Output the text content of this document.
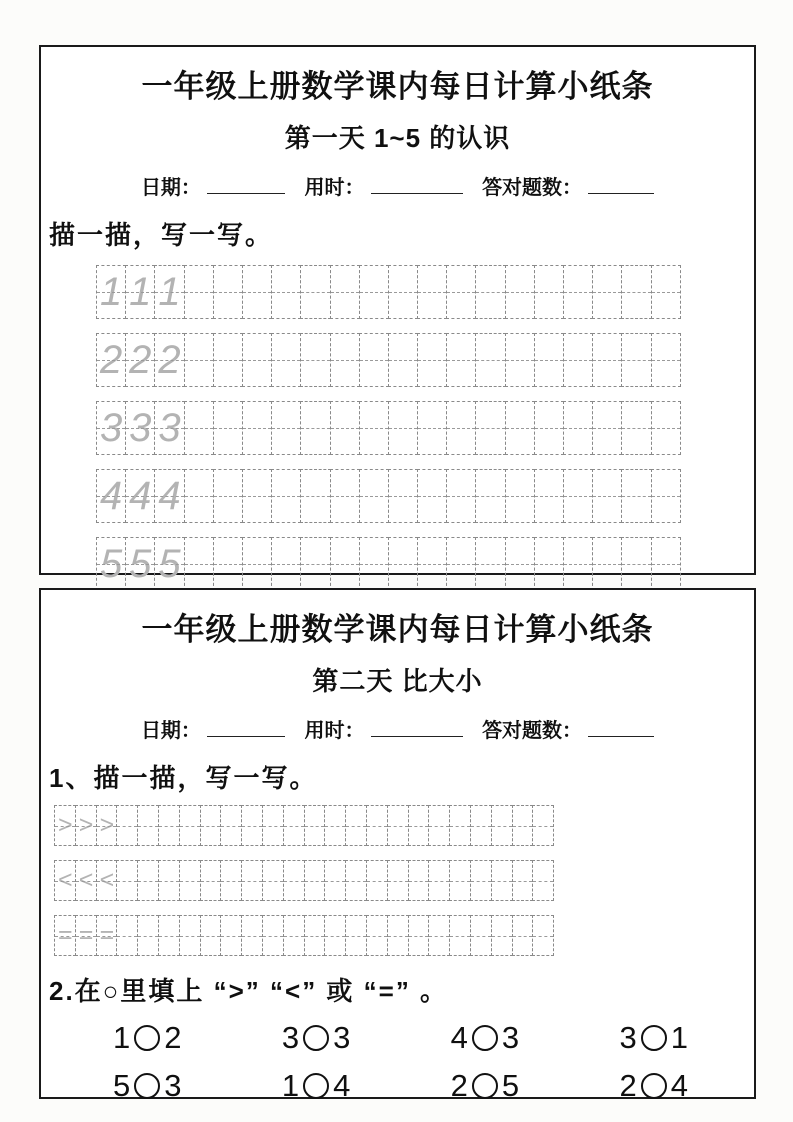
一年级上册数学课内每日计算小纸条
第一天 1~5 的认识
日期：	用时：	答对题数：
描一描，写一写。
1 1 1
2 2 2
3 3 3
4 4 4
5 5 5
一年级上册数学课内每日计算小纸条
第二天 比大小
日期：	用时：	答对题数：
1、描一描，写一写。
> > >
< < <
= = =
2.在○里填上 “>” “<” 或 “=” 。
1 2	3 3	4 3	3 1
5 3	1 4	2 5	2 4
